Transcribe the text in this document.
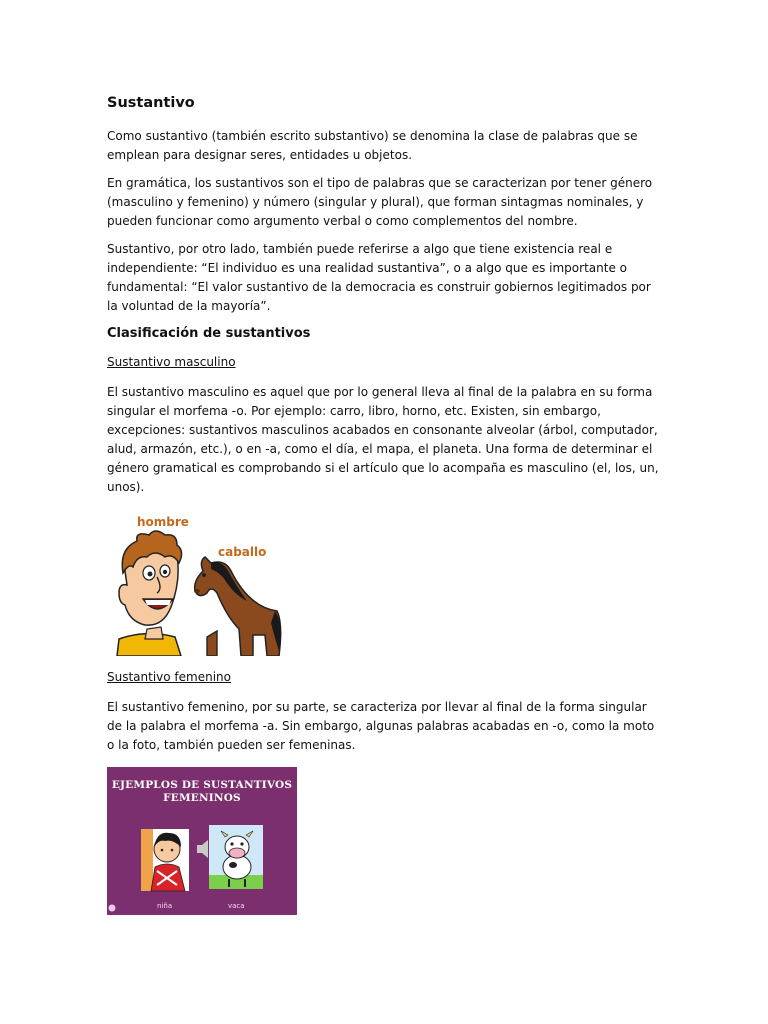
Sustantivo

Como sustantivo (también escrito substantivo) se denomina la clase de palabras que se emplean para designar seres, entidades u objetos.

En gramática, los sustantivos son el tipo de palabras que se caracterizan por tener género (masculino y femenino) y número (singular y plural), que forman sintagmas nominales, y pueden funcionar como argumento verbal o como complementos del nombre.

Sustantivo, por otro lado, también puede referirse a algo que tiene existencia real e independiente: “El individuo es una realidad sustantiva”, o a algo que es importante o fundamental: “El valor sustantivo de la democracia es construir gobiernos legitimados por la voluntad de la mayoría”.

Clasificación de sustantivos
Sustantivo masculino

El sustantivo masculino es aquel que por lo general lleva al final de la palabra en su forma singular el morfema -o. Por ejemplo: carro, libro, horno, etc. Existen, sin embargo, excepciones: sustantivos masculinos acabados en consonante alveolar (árbol, computador, alud, armazón, etc.), o en -a, como el día, el mapa, el planeta. Una forma de determinar el género gramatical es comprobando si el artículo que lo acompaña es masculino (el, los, un, unos).

hombre
caballo
Sustantivo femenino

El sustantivo femenino, por su parte, se caracteriza por llevar al final de la forma singular de la palabra el morfema -a. Sin embargo, algunas palabras acabadas en -o, como la moto o la foto, también pueden ser femeninas.

EJEMPLOS DE SUSTANTIVOS
FEMENINOS
niña	vaca
